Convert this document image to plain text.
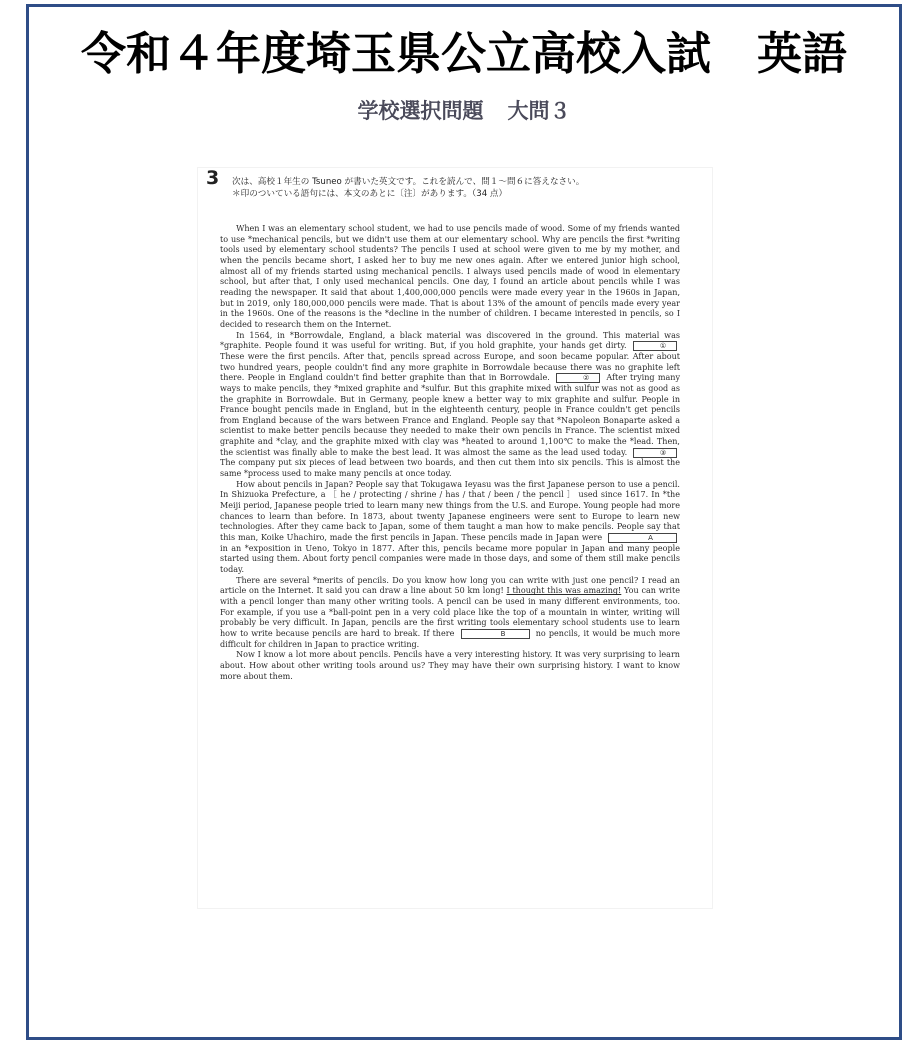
令和４年度埼玉県公立高校入試 英語
学校選択問題 大問３
3 次は、高校１年生の Tsuneo が書いた英文です。これを読んで、問１～問６に答えなさい。
＊印のついている語句には、本文のあとに〔注〕があります。（34 点）

When I was an elementary school student, we had to use pencils made of wood. Some of my friends wanted to use *mechanical pencils, but we didn't use them at our elementary school. Why are pencils the first *writing tools used by elementary school students? The pencils I used at school were given to me by my mother, and when the pencils became short, I asked her to buy me new ones again. After we entered junior high school, almost all of my friends started using mechanical pencils. I always used pencils made of wood in elementary school, but after that, I only used mechanical pencils. One day, I found an article about pencils while I was reading the newspaper. It said that about 1,400,000,000 pencils were made every year in the 1960s in Japan, but in 2019, only 180,000,000 pencils were made. That is about 13% of the amount of pencils made every year in the 1960s. One of the reasons is the *decline in the number of children. I became interested in pencils, so I decided to research them on the Internet.

In 1564, in *Borrowdale, England, a black material was discovered in the ground. This material was *graphite. People found it was useful for writing. But, if you hold graphite, your hands get dirty.	① These were the first pencils. After that, pencils spread across Europe, and soon became popular. After about two hundred years, people couldn't find any more graphite in Borrowdale because there was no graphite left there. People in England couldn't find better graphite than that in Borrowdale.	② After trying many ways to make pencils, they *mixed graphite and *sulfur. But this graphite mixed with sulfur was not as good as the graphite in Borrowdale. But in Germany, people knew a better way to mix graphite and sulfur. People in France bought pencils made in England, but in the eighteenth century, people in France couldn't get pencils from England because of the wars between France and England. People say that *Napoleon Bonaparte asked a scientist to make better pencils because they needed to make their own pencils in France. The scientist mixed graphite and *clay, and the graphite mixed with clay was *heated to around 1,100℃ to make the *lead. Then, the scientist was finally able to make the best lead. It was almost the same as the lead used today.	③ The company put six pieces of lead between two boards, and then cut them into six pencils. This is almost the same *process used to make many pencils at once today.

How about pencils in Japan? People say that Tokugawa Ieyasu was the first Japanese person to use a pencil. In Shizuoka Prefecture, a ［ he / protecting / shrine / has / that / been / the pencil ］ used since 1617. In *the Meiji period, Japanese people tried to learn many new things from the U.S. and Europe. Young people had more chances to learn than before. In 1873, about twenty Japanese engineers were sent to Europe to learn new technologies. After they came back to Japan, some of them taught a man how to make pencils. People say that this man, Koike Uhachiro, made the first pencils in Japan. These pencils made in Japan were	A in an *exposition in Ueno, Tokyo in 1877. After this, pencils became more popular in Japan and many people started using them. About forty pencil companies were made in those days, and some of them still make pencils today.

There are several *merits of pencils. Do you know how long you can write with just one pencil? I read an article on the Internet. It said you can draw a line about 50 km long! I thought this was amazing! You can write with a pencil longer than many other writing tools. A pencil can be used in many different environments, too. For example, if you use a *ball-point pen in a very cold place like the top of a mountain in winter, writing will probably be very difficult. In Japan, pencils are the first writing tools elementary school students use to learn how to write because pencils are hard to break. If there	B	no pencils, it would be much more difficult for children in Japan to practice writing.

Now I know a lot more about pencils. Pencils have a very interesting history. It was very surprising to learn about. How about other writing tools around us? They may have their own surprising history. I want to know more about them.
